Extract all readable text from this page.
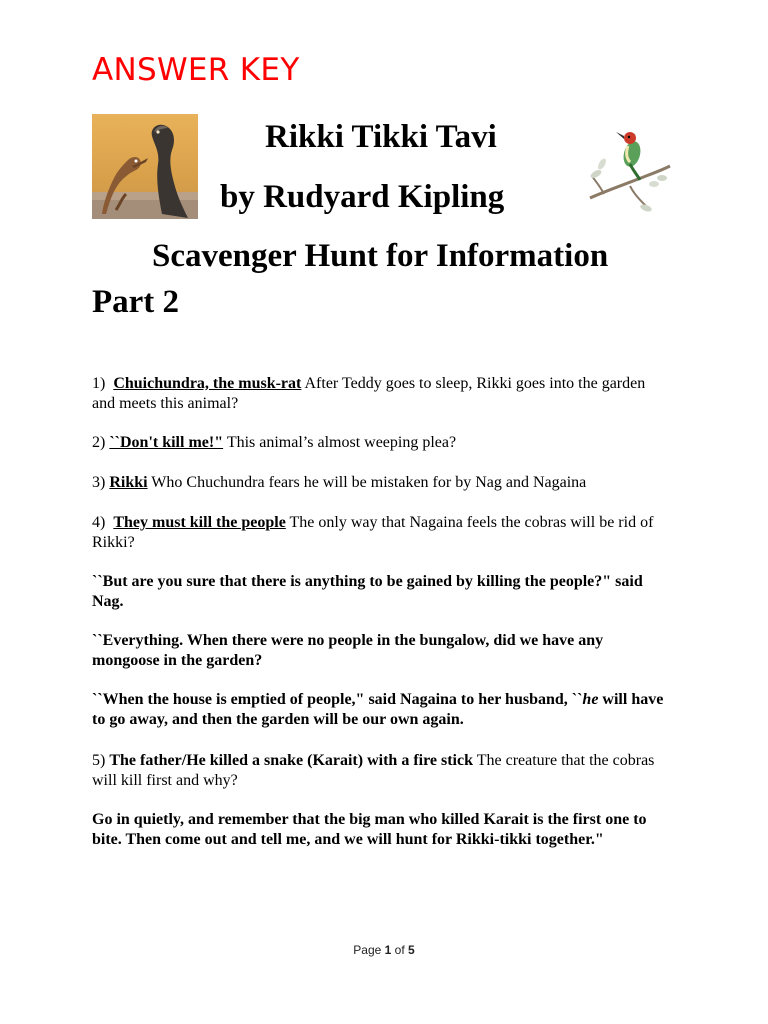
ANSWER KEY
Rikki Tikki Tavi
by Rudyard Kipling
Scavenger Hunt for Information
Part 2
1) Chuichundra, the musk-rat After Teddy goes to sleep, Rikki goes into the garden and meets this animal?
2) ``Don't kill me!" This animal’s almost weeping plea?
3) Rikki Who Chuchundra fears he will be mistaken for by Nag and Nagaina
4) They must kill the people The only way that Nagaina feels the cobras will be rid of Rikki?
``But are you sure that there is anything to be gained by killing the people?" said Nag.
``Everything. When there were no people in the bungalow, did we have any mongoose in the garden?
``When the house is emptied of people," said Nagaina to her husband, ``he will have to go away, and then the garden will be our own again.
5) The father/He killed a snake (Karait) with a fire stick The creature that the cobras will kill first and why?
Go in quietly, and remember that the big man who killed Karait is the first one to bite. Then come out and tell me, and we will hunt for Rikki-tikki together."
Page 1 of 5
